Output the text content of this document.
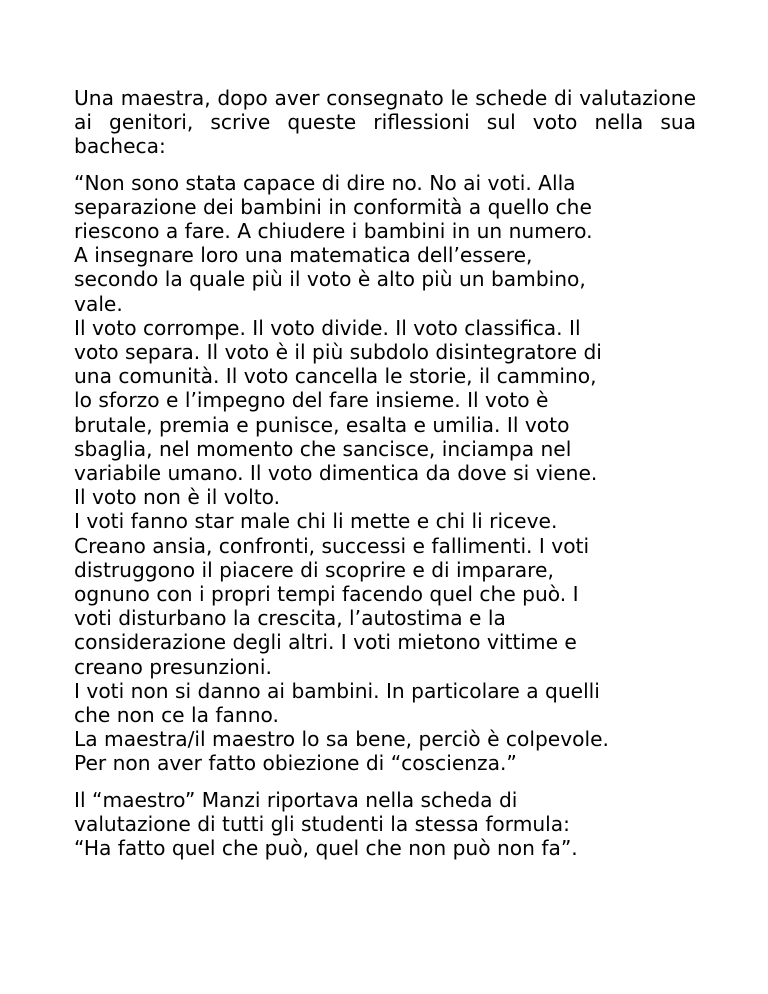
Una maestra, dopo aver consegnato le schede di valutazione ai genitori, scrive queste riflessioni sul voto nella sua bacheca:

“Non sono stata capace di dire no. No ai voti. Alla
separazione dei bambini in conformità a quello che
riescono a fare. A chiudere i bambini in un numero.
A insegnare loro una matematica dell’essere,
secondo la quale più il voto è alto più un bambino,
vale.
Il voto corrompe. Il voto divide. Il voto classifica. Il
voto separa. Il voto è il più subdolo disintegratore di
una comunità. Il voto cancella le storie, il cammino,
lo sforzo e l’impegno del fare insieme. Il voto è
brutale, premia e punisce, esalta e umilia. Il voto
sbaglia, nel momento che sancisce, inciampa nel
variabile umano. Il voto dimentica da dove si viene.
Il voto non è il volto.
I voti fanno star male chi li mette e chi li riceve.
Creano ansia, confronti, successi e fallimenti. I voti
distruggono il piacere di scoprire e di imparare,
ognuno con i propri tempi facendo quel che può. I
voti disturbano la crescita, l’autostima e la
considerazione degli altri. I voti mietono vittime e
creano presunzioni.
I voti non si danno ai bambini. In particolare a quelli
che non ce la fanno.
La maestra/il maestro lo sa bene, perciò è colpevole.
Per non aver fatto obiezione di “coscienza.”
Il “maestro” Manzi riportava nella scheda di
valutazione di tutti gli studenti la stessa formula:
“Ha fatto quel che può, quel che non può non fa”.
